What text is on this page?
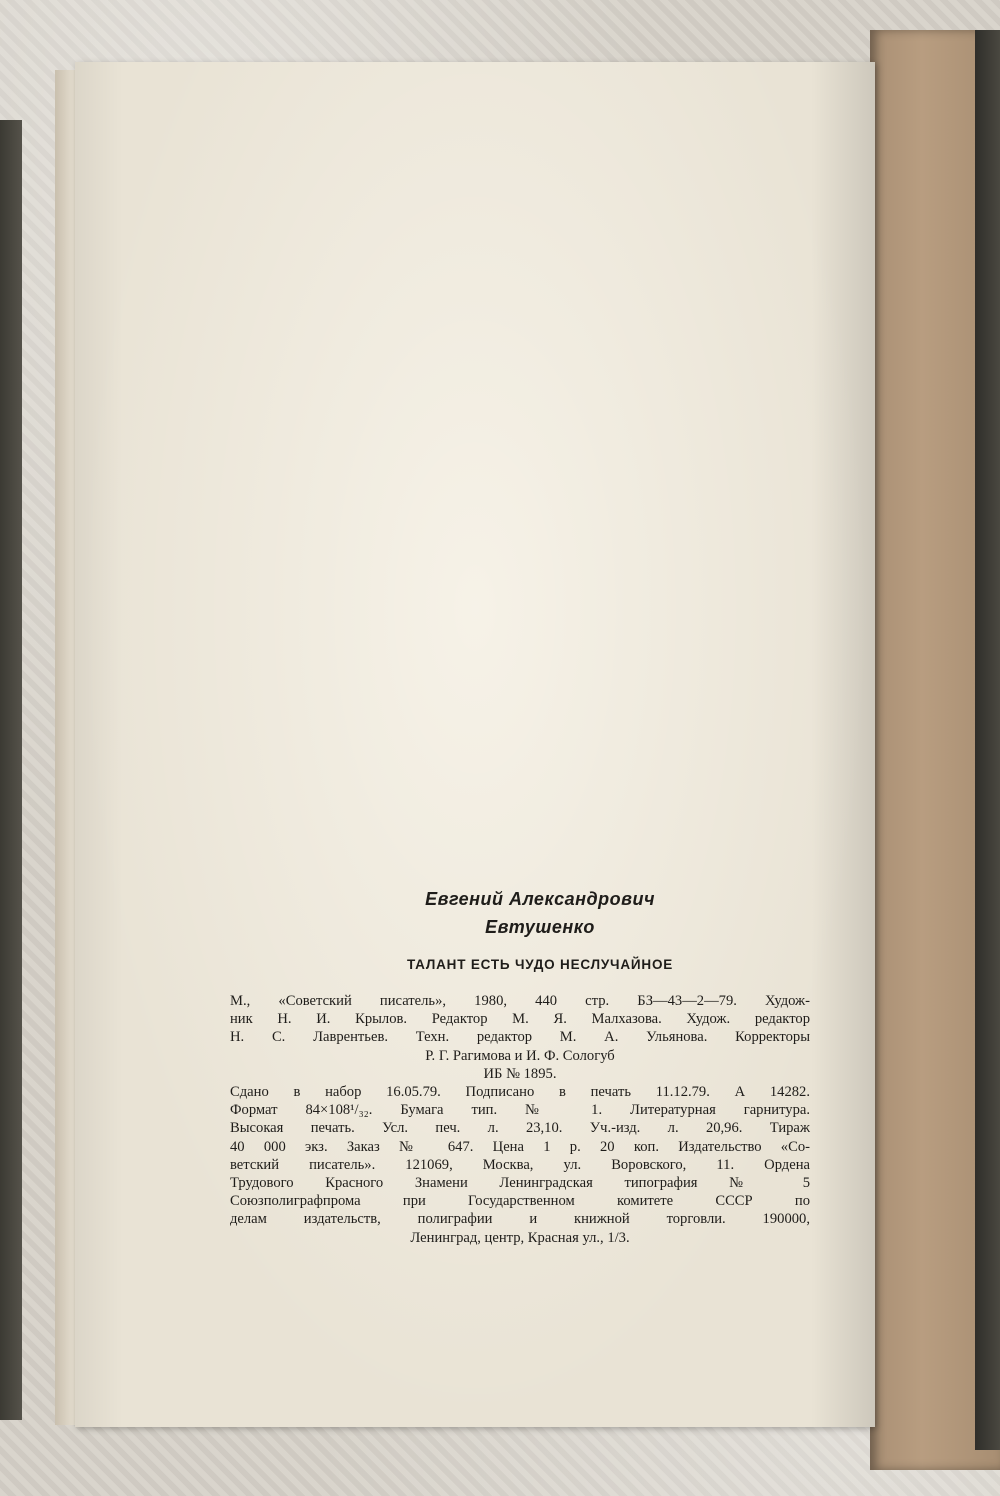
Евгений Александрович
Евтушенко
ТАЛАНТ ЕСТЬ ЧУДО НЕСЛУЧАЙНОЕ
М., «Советский писатель», 1980, 440 стр. БЗ—43—2—79. Худож-
ник Н. И. Крылов. Редактор М. Я. Малхазова. Худож. редактор
Н. С. Лаврентьев. Техн. редактор М. А. Ульянова. Корректоры
Р. Г. Рагимова и И. Ф. Сологуб
ИБ № 1895.
Сдано в набор 16.05.79. Подписано в печать 11.12.79. А 14282.
Формат 84×108¹/₃₂. Бумага тип. № 1. Литературная гарнитура.
Высокая печать. Усл. печ. л. 23,10. Уч.-изд. л. 20,96. Тираж
40 000 экз. Заказ № 647. Цена 1 р. 20 коп. Издательство «Со-
ветский писатель». 121069, Москва, ул. Воровского, 11. Ордена
Трудового Красного Знамени Ленинградская типография № 5
Союзполиграфпрома при Государственном комитете СССР по
делам издательств, полиграфии и книжной торговли. 190000,
Ленинград, центр, Красная ул., 1/3.
